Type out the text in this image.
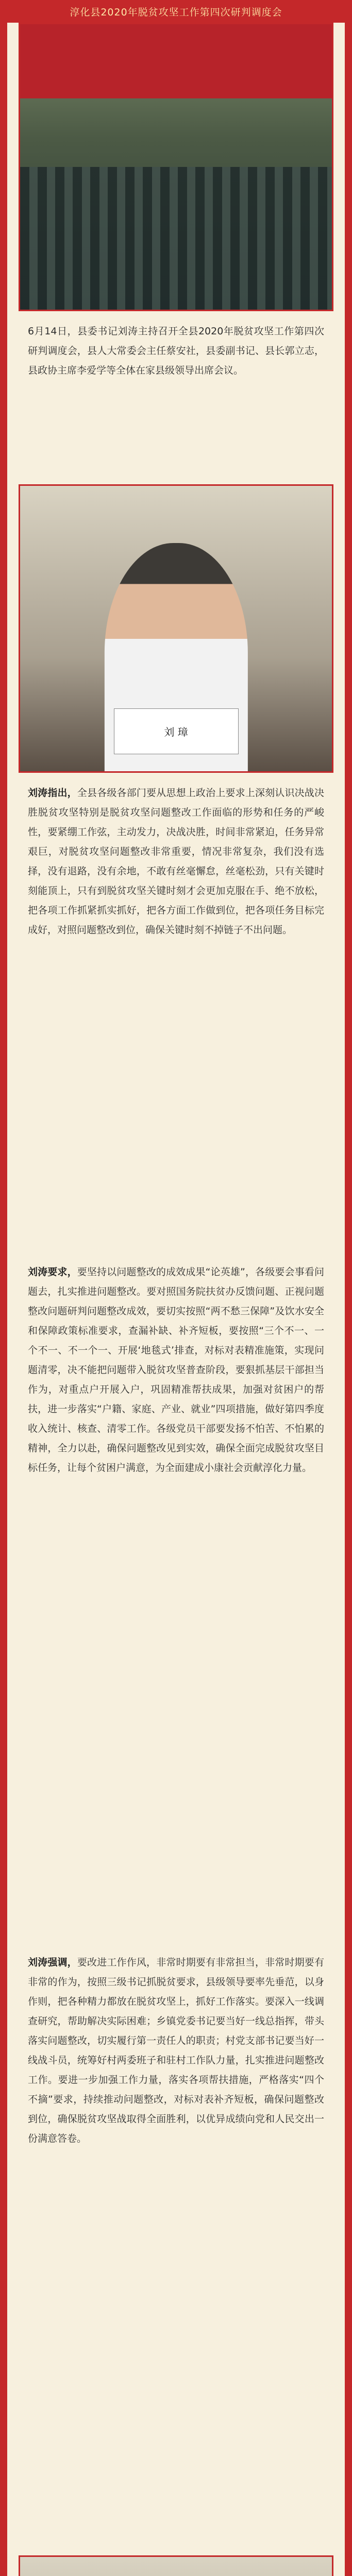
淳化县2020年脱贫攻坚工作第四次研判调度会
6月14日，县委书记刘涛主持召开全县2020年脱贫攻坚工作第四次研判调度会，县人大常委会主任蔡安社，县委副书记、县长郭立志，县政协主席李爱学等全体在家县级领导出席会议。
刘 璋
刘涛指出，全县各级各部门要从思想上政治上要求上深刻认识决战决胜脱贫攻坚特别是脱贫攻坚问题整改工作面临的形势和任务的严峻性，要紧绷工作弦，主动发力，决战决胜，时间非常紧迫，任务异常艰巨，对脱贫攻坚问题整改非常重要，情况非常复杂，我们没有选择，没有退路，没有余地，不敢有丝毫懈怠，丝毫松劲，只有关键时刻能顶上，只有到脱贫攻坚关键时刻才会更加克服在手、绝不放松，把各项工作抓紧抓实抓好，把各方面工作做到位，把各项任务目标完成好，对照问题整改到位，确保关键时刻不掉链子不出问题。
刘涛要求，要坚持以问题整改的成效成果“论英雄”，各级要会事看问题去，扎实推进问题整改。要对照国务院扶贫办反馈问题、正视问题整改问题研判问题整改成效，要切实按照“两不愁三保障”及饮水安全和保障政策标准要求，查漏补缺、补齐短板，要按照“三个不一、一个不一、不一个一、开展‘地毯式’排查，对标对表精准施策，实现问题清零，决不能把问题带入脱贫攻坚普查阶段，要狠抓基层干部担当作为，对重点户开展入户，巩固精准帮扶成果，加强对贫困户的帮扶，进一步落实“户籍、家庭、产业、就业”四项措施，做好第四季度收入统计、核查、清零工作。各级党员干部要发扬不怕苦、不怕累的精神，全力以赴，确保问题整改见到实效，确保全面完成脱贫攻坚目标任务，让每个贫困户满意，为全面建成小康社会贡献淳化力量。
刘涛强调，要改进工作作风，非常时期要有非常担当，非常时期要有非常的作为，按照三级书记抓脱贫要求，县级领导要率先垂范，以身作则，把各种精力都放在脱贫攻坚上，抓好工作落实。要深入一线调查研究，帮助解决实际困难；乡镇党委书记要当好一线总指挥，带头落实问题整改，切实履行第一责任人的职责；村党支部书记要当好一线战斗员，统筹好村两委班子和驻村工作队力量，扎实推进问题整改工作。要进一步加强工作力量，落实各项帮扶措施，严格落实“四个不摘”要求，持续推动问题整改，对标对表补齐短板，确保问题整改到位，确保脱贫攻坚战取得全面胜利，以优异成绩向党和人民交出一份满意答卷。
